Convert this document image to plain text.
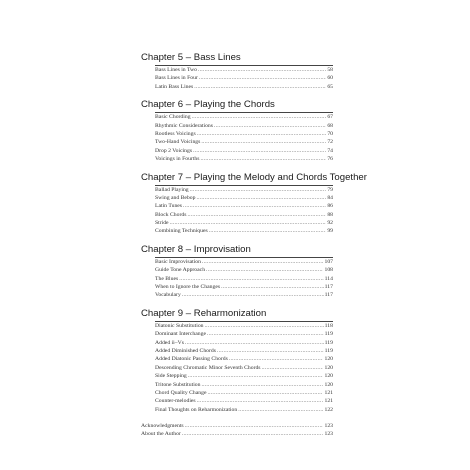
Chapter 5 – Bass Lines
Bass Lines in Two . . .	58
Bass Lines in Four . . .	60
Latin Bass Lines . . .	65
Chapter 6 – Playing the Chords
Basic Chording . . .	67
Rhythmic Considerations . . .	68
Rootless Voicings . . .	70
Two-Hand Voicings . . .	72
Drop 2 Voicings . . .	74
Voicings in Fourths . . .	76
Chapter 7 – Playing the Melody and Chords Together
Ballad Playing . . .	79
Swing and Bebop . . .	84
Latin Tunes . . .	86
Block Chords . . .	88
Stride . . .	92
Combining Techniques . . .	99
Chapter 8 – Improvisation
Basic Improvisation . . .	107
Guide Tone Approach . . .	108
The Blues . . .	114
When to Ignore the Changes . . .	117
Vocabulary . . .	117
Chapter 9 – Reharmonization
Diatonic Substitution . . .	118
Dominant Interchange . . .	119
Added ii–Vs . . .	119
Added Diminished Chords . . .	119
Added Diatonic Passing Chords . . .	120
Descending Chromatic Minor Seventh Chords . . .	120
Side Stepping . . .	120
Tritone Substitution . . .	120
Chord Quality Change . . .	121
Counter-melodies . . .	121
Final Thoughts on Reharmonization . . .	122
Acknowledgments . . .	123
About the Author . . .	123
